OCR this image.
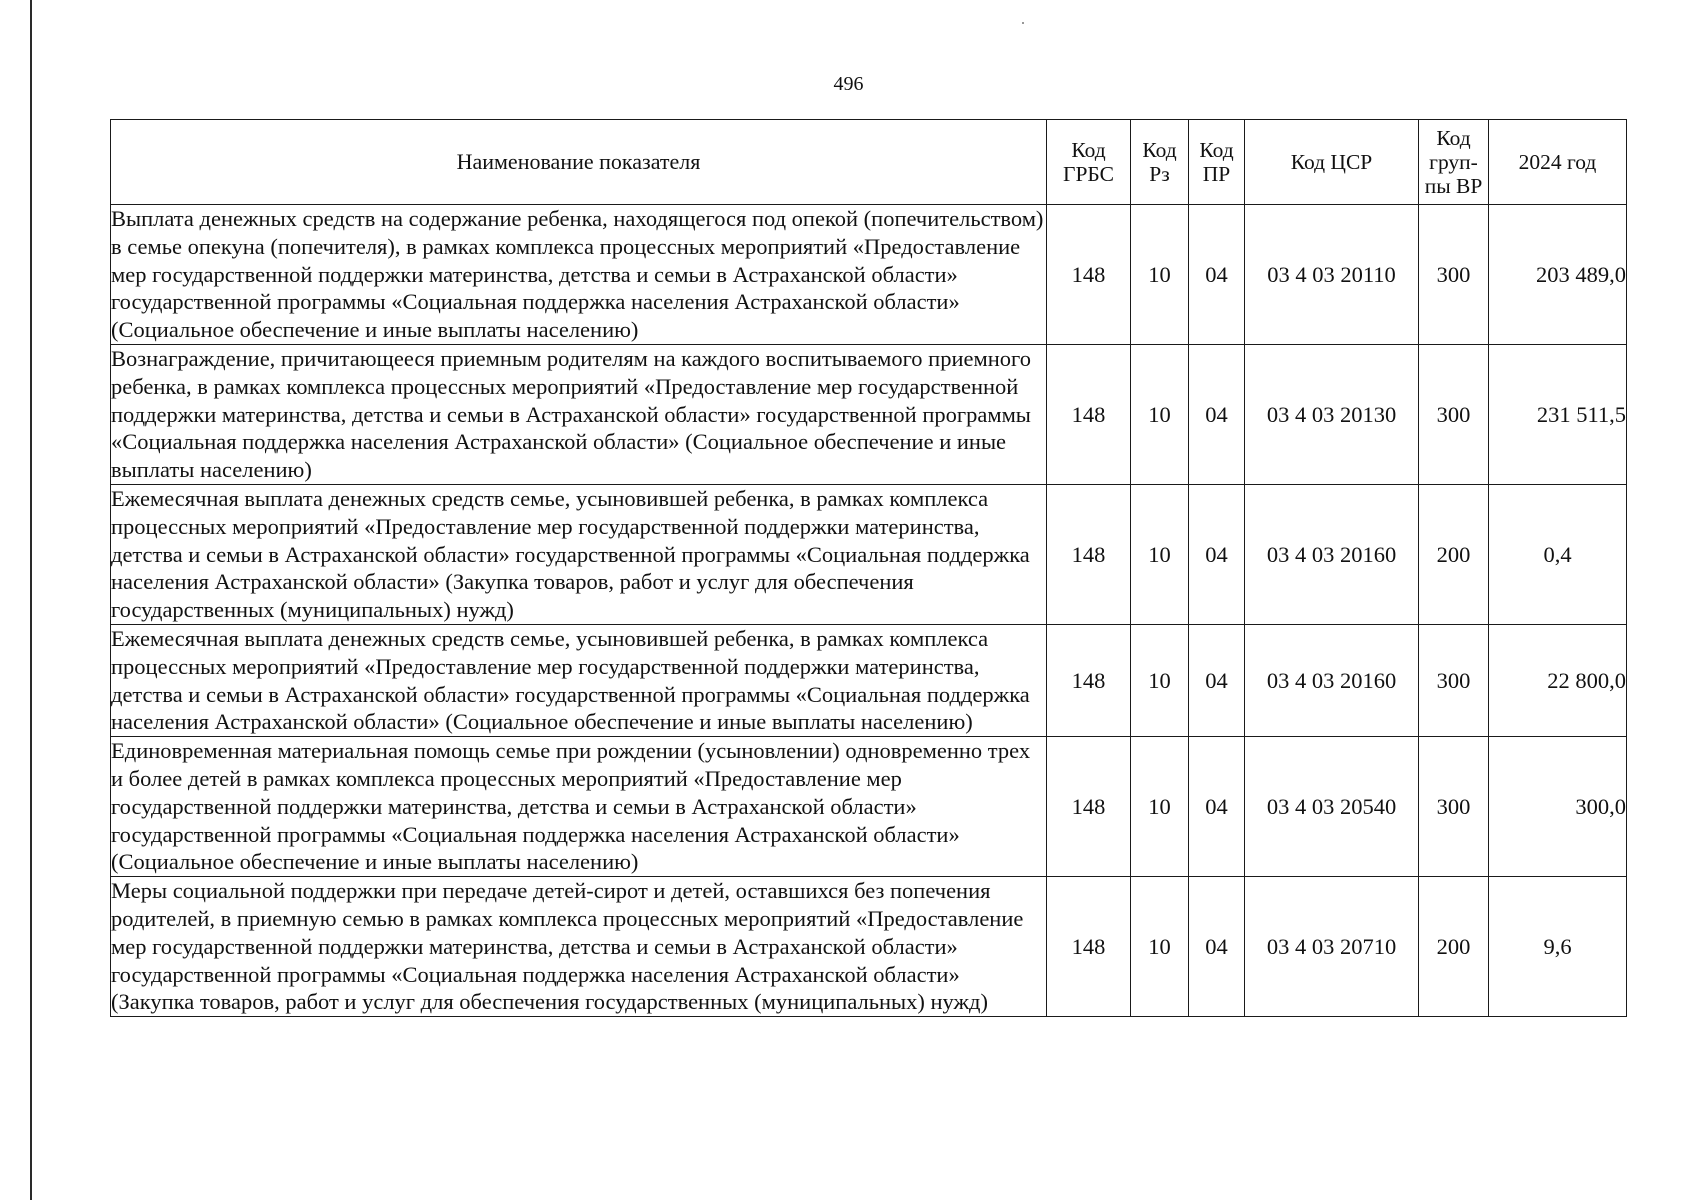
496
Наименование показателя	Код ГРБС	Код Рз	Код ПР	Код ЦСР	Код груп-пы ВР	2024 год
Выплата денежных средств на содержание ребенка, находящегося под опекой (попечительством) в семье опекуна (попечителя), в рамках комплекса процессных мероприятий «Предоставление мер государственной поддержки материнства, детства и семьи в Астраханской области» государственной программы «Социальная поддержка населения Астраханской области» (Социальное обеспечение и иные выплаты населению)	148	10	04	03 4 03 20110	300	203 489,0
Вознаграждение, причитающееся приемным родителям на каждого воспитываемого приемного ребенка, в рамках комплекса процессных мероприятий «Предоставление мер государственной поддержки материнства, детства и семьи в Астраханской области» государственной программы «Социальная поддержка населения Астраханской области» (Социальное обеспечение и иные выплаты населению)	148	10	04	03 4 03 20130	300	231 511,5
Ежемесячная выплата денежных средств семье, усыновившей ребенка, в рамках комплекса процессных мероприятий «Предоставление мер государственной поддержки материнства, детства и семьи в Астраханской области» государственной программы «Социальная поддержка населения Астраханской области» (Закупка товаров, работ и услуг для обеспечения государственных (муниципальных) нужд)	148	10	04	03 4 03 20160	200	0,4
Ежемесячная выплата денежных средств семье, усыновившей ребенка, в рамках комплекса процессных мероприятий «Предоставление мер государственной поддержки материнства, детства и семьи в Астраханской области» государственной программы «Социальная поддержка населения Астраханской области» (Социальное обеспечение и иные выплаты населению)	148	10	04	03 4 03 20160	300	22 800,0
Единовременная материальная помощь семье при рождении (усыновлении) одновременно трех и более детей в рамках комплекса процессных мероприятий «Предоставление мер государственной поддержки материнства, детства и семьи в Астраханской области» государственной программы «Социальная поддержка населения Астраханской области» (Социальное обеспечение и иные выплаты населению)	148	10	04	03 4 03 20540	300	300,0
Меры социальной поддержки при передаче детей-сирот и детей, оставшихся без попечения родителей, в приемную семью в рамках комплекса процессных мероприятий «Предоставление мер государственной поддержки материнства, детства и семьи в Астраханской области» государственной программы «Социальная поддержка населения Астраханской области» (Закупка товаров, работ и услуг для обеспечения государственных (муниципальных) нужд)	148	10	04	03 4 03 20710	200	9,6
